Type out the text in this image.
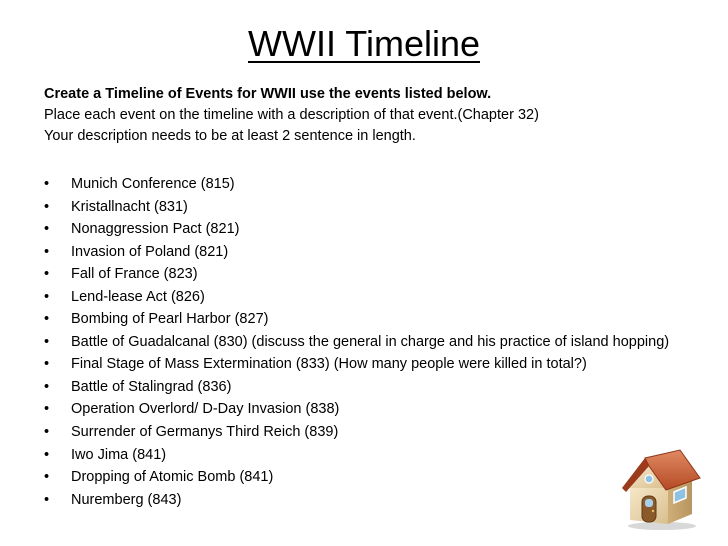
WWII Timeline
Create a Timeline of Events for WWII use the events listed below.
Place each event on the timeline with a description of that event.(Chapter 32)
Your description needs to be at least 2 sentence in length.
• Munich Conference (815)
• Kristallnacht (831)
• Nonaggression Pact (821)
• Invasion of Poland (821)
• Fall of France (823)
• Lend-lease Act (826)
• Bombing of Pearl Harbor (827)
• Battle of Guadalcanal (830) (discuss the general in charge and his practice of island hopping)
• Final Stage of Mass Extermination (833) (How many people were killed in total?)
• Battle of Stalingrad (836)
• Operation Overlord/ D-Day Invasion (838)
• Surrender of Germanys Third Reich (839)
• Iwo Jima (841)
• Dropping of Atomic Bomb (841)
• Nuremberg (843)
